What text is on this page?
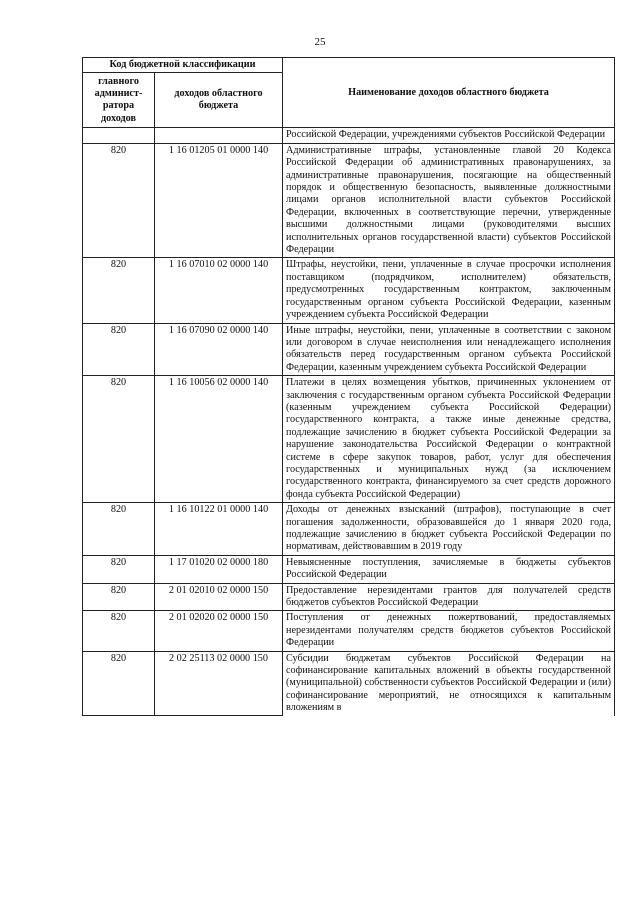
25
Код бюджетной классификации		Наименование доходов областного бюджета
главного админист-ратора доходов	доходов областного бюджета	
		Российской Федерации, учреждениями субъектов Российской Федерации
820	1 16 01205 01 0000 140	Административные штрафы, установленные главой 20 Кодекса Российской Федерации об административных правонарушениях, за административные правонарушения, посягающие на общественный порядок и общественную безопасность, выявленные должностными лицами органов исполнительной власти субъектов Российской Федерации, включенных в соответствующие перечни, утвержденные высшими должностными лицами (руководителями высших исполнительных органов государственной власти) субъектов Российской Федерации
820	1 16 07010 02 0000 140	Штрафы, неустойки, пени, уплаченные в случае просрочки исполнения поставщиком (подрядчиком, исполнителем) обязательств, предусмотренных государственным контрактом, заключенным государственным органом субъекта Российской Федерации, казенным учреждением субъекта Российской Федерации
820	1 16 07090 02 0000 140	Иные штрафы, неустойки, пени, уплаченные в соответствии с законом или договором в случае неисполнения или ненадлежащего исполнения обязательств перед государственным органом субъекта Российской Федерации, казенным учреждением субъекта Российской Федерации
820	1 16 10056 02 0000 140	Платежи в целях возмещения убытков, причиненных уклонением от заключения с государственным органом субъекта Российской Федерации (казенным учреждением субъекта Российской Федерации) государственного контракта, а также иные денежные средства, подлежащие зачислению в бюджет субъекта Российской Федерации за нарушение законодательства Российской Федерации о контрактной системе в сфере закупок товаров, работ, услуг для обеспечения государственных и муниципальных нужд (за исключением государственного контракта, финансируемого за счет средств дорожного фонда субъекта Российской Федерации)
820	1 16 10122 01 0000 140	Доходы от денежных взысканий (штрафов), поступающие в счет погашения задолженности, образовавшейся до 1 января 2020 года, подлежащие зачислению в бюджет субъекта Российской Федерации по нормативам, действовавшим в 2019 году
820	1 17 01020 02 0000 180	Невыясненные поступления, зачисляемые в бюджеты субъектов Российской Федерации
820	2 01 02010 02 0000 150	Предоставление нерезидентами грантов для получателей средств бюджетов субъектов Российской Федерации
820	2 01 02020 02 0000 150	Поступления от денежных пожертвований, предоставляемых нерезидентами получателям средств бюджетов субъектов Российской Федерации
820	2 02 25113 02 0000 150	Субсидии бюджетам субъектов Российской Федерации на софинансирование капитальных вложений в объекты государственной (муниципальной) собственности субъектов Российской Федерации и (или) софинансирование мероприятий, не относящихся к капитальным вложениям в
